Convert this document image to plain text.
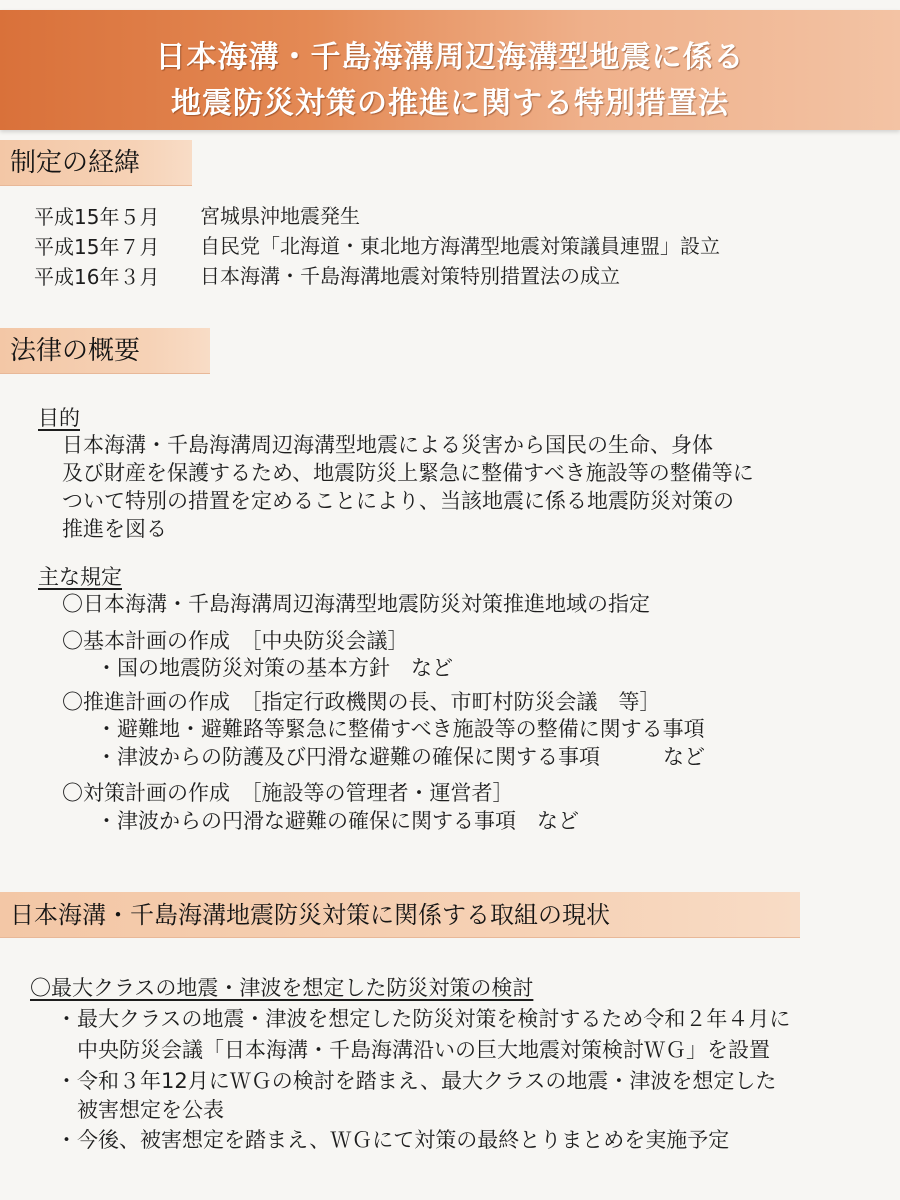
日本海溝・千島海溝周辺海溝型地震に係る
地震防災対策の推進に関する特別措置法
制定の経緯
平成15年５月 宮城県沖地震発生
平成15年７月 自民党「北海道・東北地方海溝型地震対策議員連盟」設立
平成16年３月 日本海溝・千島海溝地震対策特別措置法の成立
法律の概要
目的
日本海溝・千島海溝周辺海溝型地震による災害から国民の生命、身体
及び財産を保護するため、地震防災上緊急に整備すべき施設等の整備等に
ついて特別の措置を定めることにより、当該地震に係る地震防災対策の
推進を図る
主な規定
〇日本海溝・千島海溝周辺海溝型地震防災対策推進地域の指定
〇基本計画の作成　［中央防災会議］
・国の地震防災対策の基本方針　など
〇推進計画の作成　［指定行政機関の長、市町村防災会議　等］
・避難地・避難路等緊急に整備すべき施設等の整備に関する事項
・津波からの防護及び円滑な避難の確保に関する事項　　　など
〇対策計画の作成　［施設等の管理者・運営者］
・津波からの円滑な避難の確保に関する事項　など
日本海溝・千島海溝地震防災対策に関係する取組の現状
〇最大クラスの地震・津波を想定した防災対策の検討
・最大クラスの地震・津波を想定した防災対策を検討するため令和２年４月に
　中央防災会議「日本海溝・千島海溝沿いの巨大地震対策検討ＷＧ」を設置
・令和３年12月にＷＧの検討を踏まえ、最大クラスの地震・津波を想定した
　被害想定を公表
・今後、被害想定を踏まえ、ＷＧにて対策の最終とりまとめを実施予定
